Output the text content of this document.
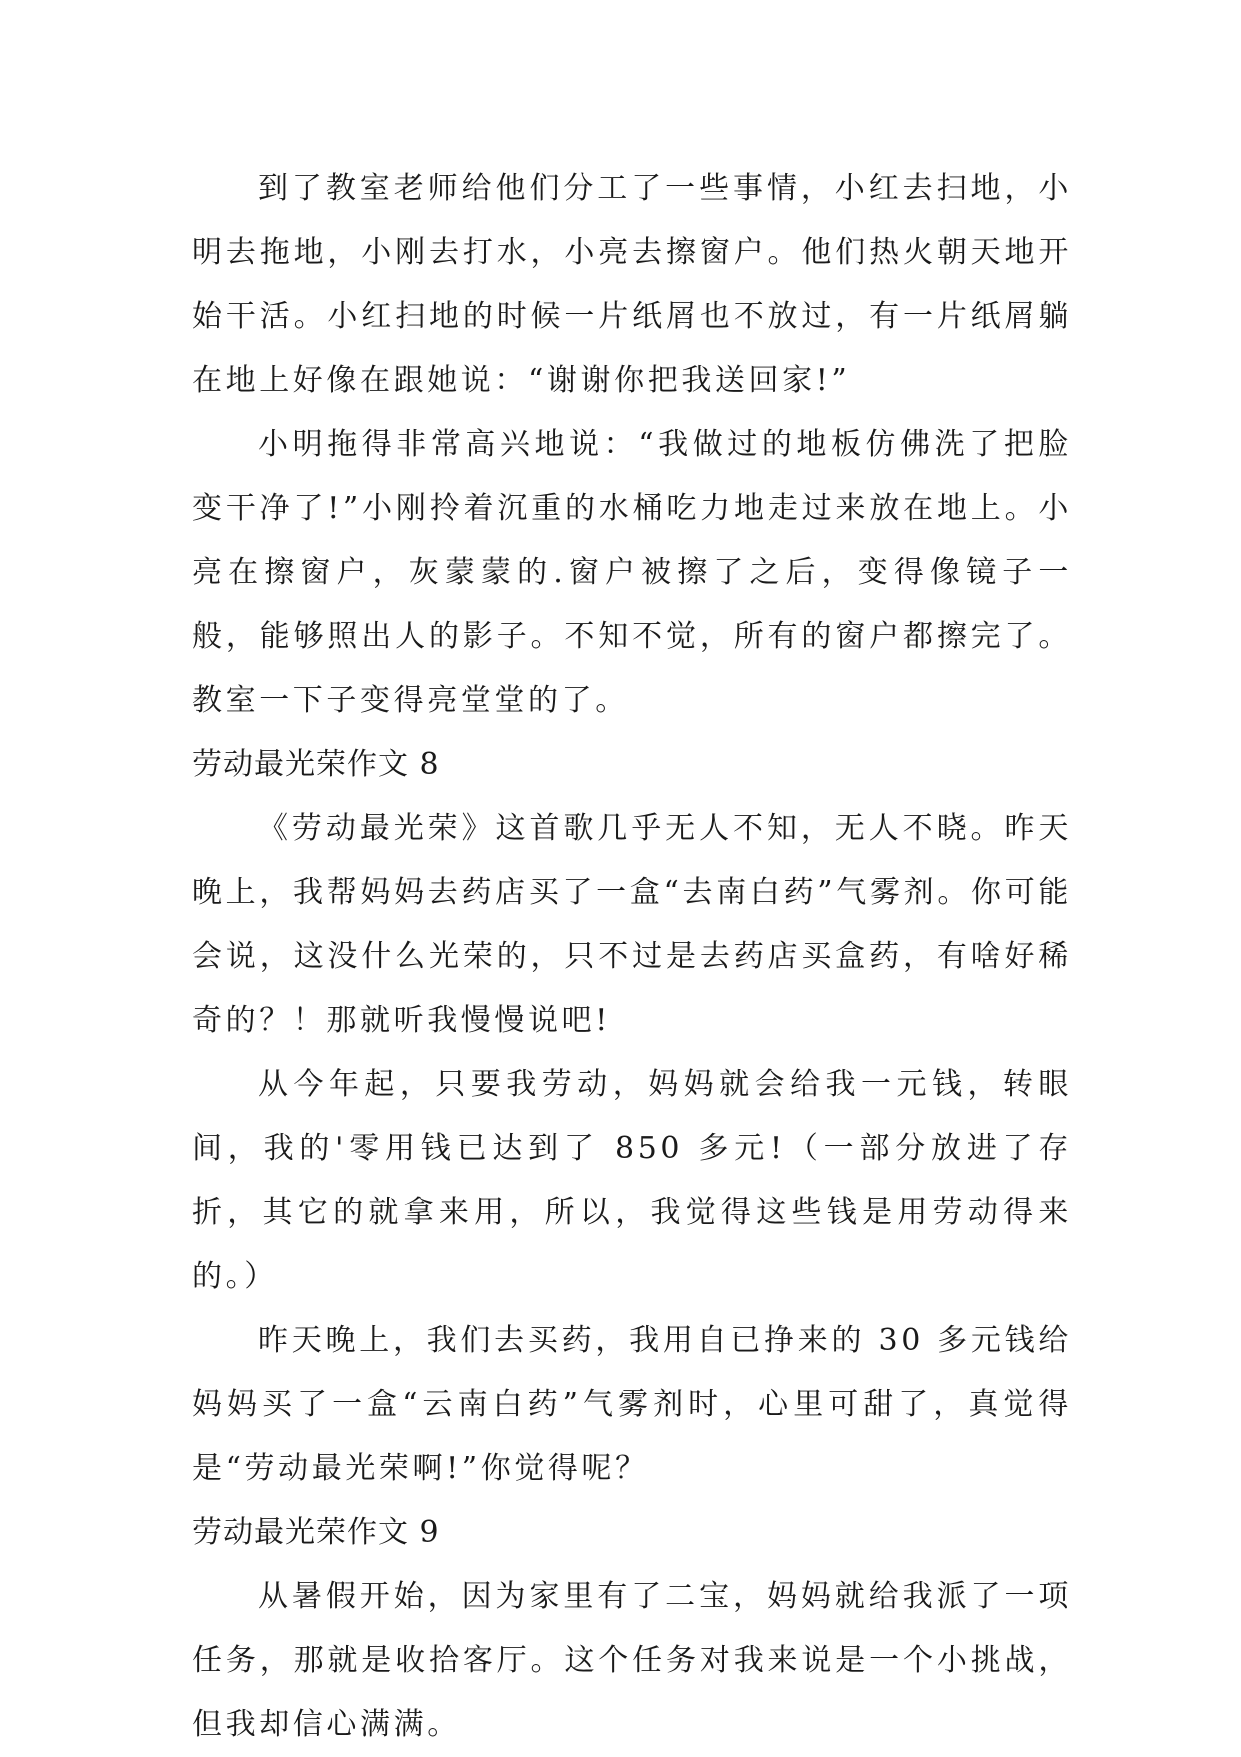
到了教室老师给他们分工了一些事情，小红去扫地，小明去拖地，小刚去打水，小亮去擦窗户。他们热火朝天地开始干活。小红扫地的时候一片纸屑也不放过，有一片纸屑躺在地上好像在跟她说：“谢谢你把我送回家!”

小明拖得非常高兴地说：“我做过的地板仿佛洗了把脸变干净了!”小刚拎着沉重的水桶吃力地走过来放在地上。小亮在擦窗户，灰蒙蒙的.窗户被擦了之后，变得像镜子一般，能够照出人的影子。不知不觉，所有的窗户都擦完了。教室一下子变得亮堂堂的了。

劳动最光荣作文 8

《劳动最光荣》这首歌几乎无人不知，无人不晓。昨天晚上，我帮妈妈去药店买了一盒“去南白药”气雾剂。你可能会说，这没什么光荣的，只不过是去药店买盒药，有啥好稀奇的？！那就听我慢慢说吧!

从今年起，只要我劳动，妈妈就会给我一元钱，转眼间，我的'零用钱已达到了 850 多元!（一部分放进了存折，其它的就拿来用，所以，我觉得这些钱是用劳动得来的。）

昨天晚上，我们去买药，我用自已挣来的 30 多元钱给妈妈买了一盒“云南白药”气雾剂时，心里可甜了，真觉得是“劳动最光荣啊!”你觉得呢？

劳动最光荣作文 9

从暑假开始，因为家里有了二宝，妈妈就给我派了一项任务，那就是收拾客厅。这个任务对我来说是一个小挑战，但我却信心满满。
